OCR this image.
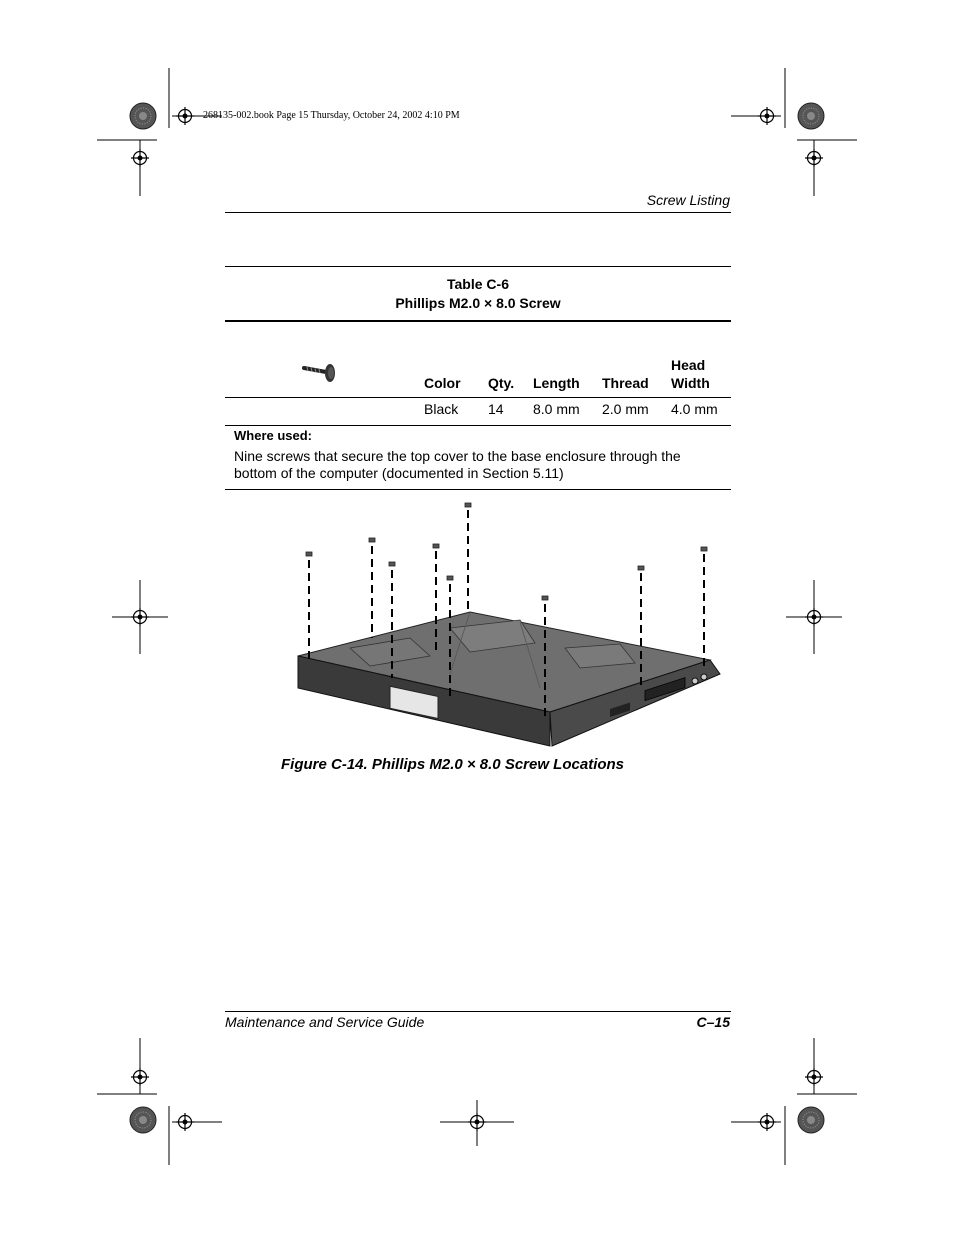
268135-002.book Page 15 Thursday, October 24, 2002 4:10 PM
Screw Listing
Table C-6
Phillips M2.0 × 8.0 Screw
Color Qty. Length Thread
Head
Width
Black 14 8.0 mm 2.0 mm 4.0 mm
Where used:
Nine screws that secure the top cover to the base enclosure through the bottom of the computer (documented in Section 5.11)
Figure C-14. Phillips M2.0 × 8.0 Screw Locations
Maintenance and Service Guide	C–15
